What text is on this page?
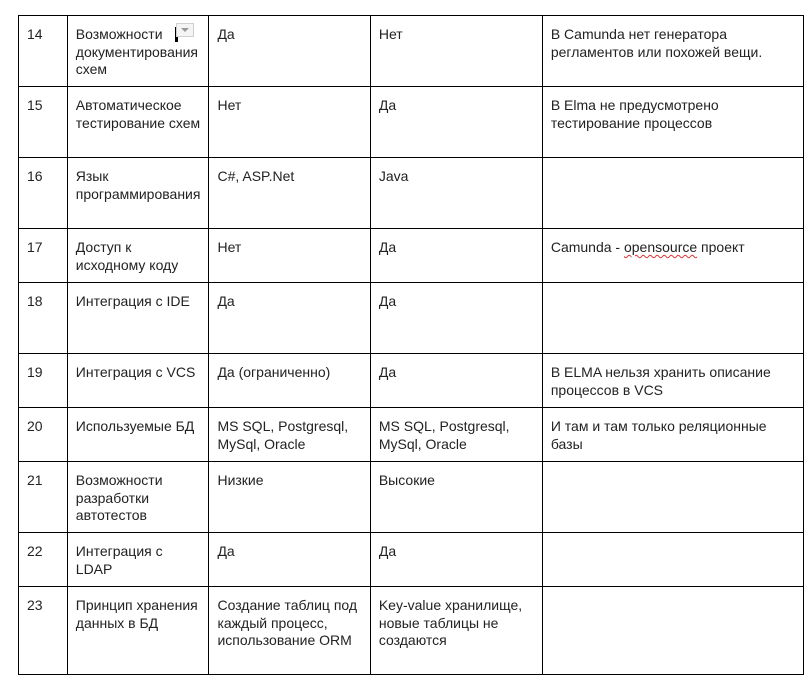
14	Возможности документирования схем	Да	Нет	В Camunda нет генератора регламентов или похожей вещи.
15	Автоматическое тестирование схем	Нет	Да	В Elma не предусмотрено тестирование процессов
16	Язык программирования	C#, ASP.Net	Java	
17	Доступ к исходному коду	Нет	Да	Camunda - opensource проект
18	Интеграция с IDE	Да	Да	
19	Интеграция с VCS	Да (ограниченно)	Да	В ELMA нельзя хранить описание процессов в VCS
20	Используемые БД	MS SQL, Postgresql, MySql, Oracle	MS SQL, Postgresql, MySql, Oracle	И там и там только реляционные базы
21	Возможности разработки автотестов	Низкие	Высокие	
22	Интеграция с LDAP	Да	Да	
23	Принцип хранения данных в БД	Создание таблиц под каждый процесс, использование ORM	Key-value хранилище, новые таблицы не создаются	
